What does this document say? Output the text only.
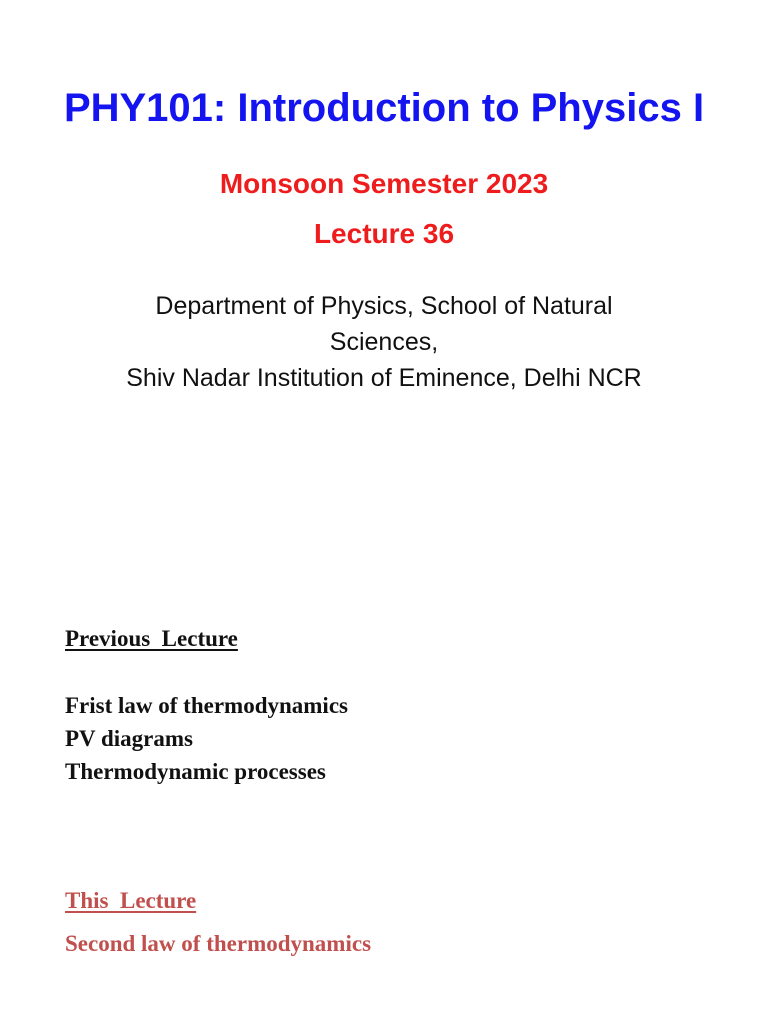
PHY101: Introduction to Physics I
Monsoon Semester 2023
Lecture 36
Department of Physics, School of Natural
Sciences,
Shiv Nadar Institution of Eminence, Delhi NCR
Previous  Lecture
Frist law of thermodynamics
PV diagrams
Thermodynamic processes
This  Lecture
Second law of thermodynamics
